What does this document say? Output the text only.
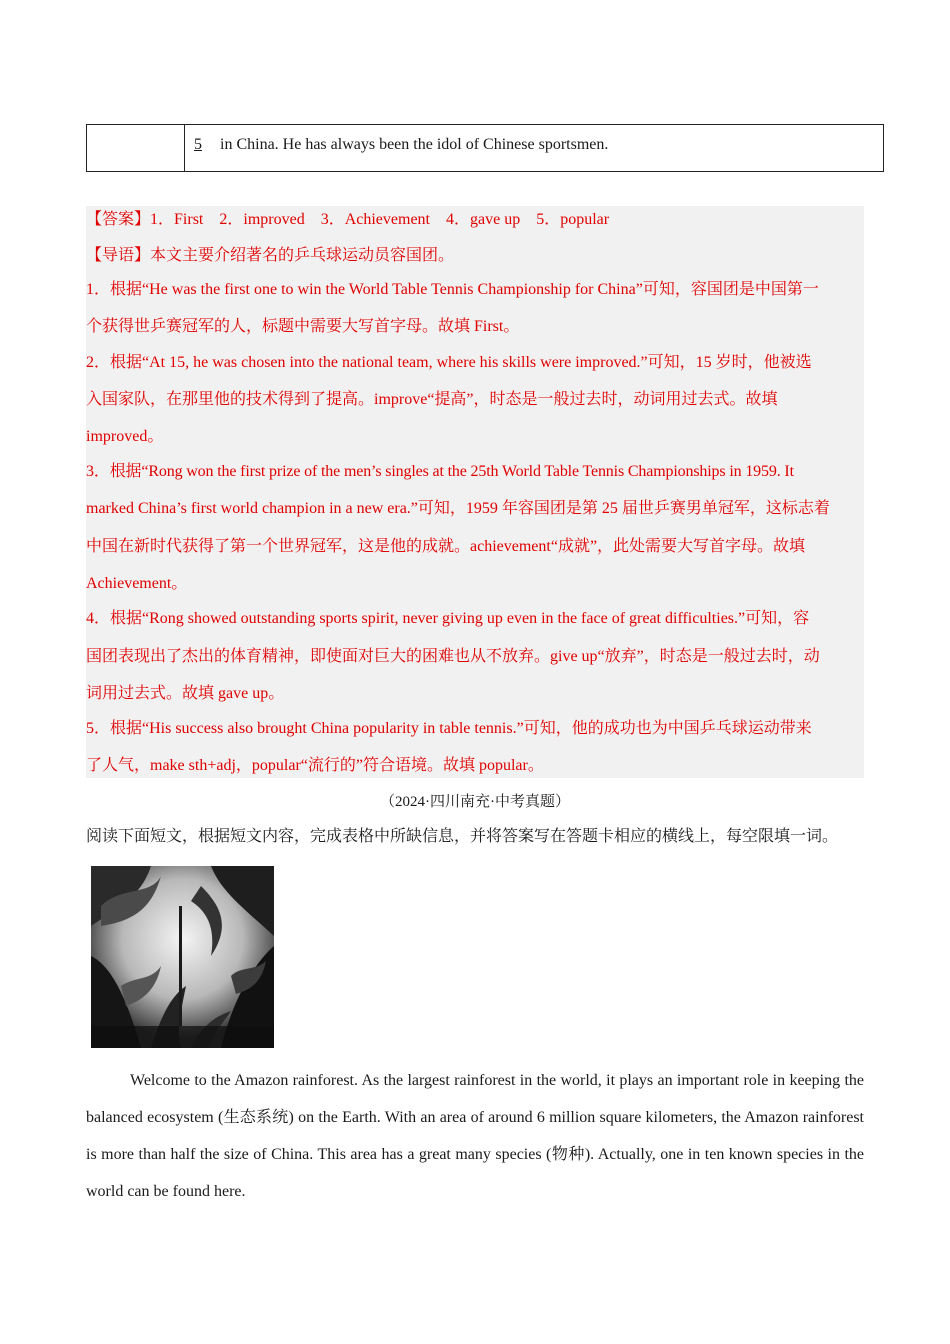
5 in China. He has always been the idol of Chinese sportsmen.
【答案】1．First 2．improved 3．Achievement 4．gave up 5．popular
【导语】本文主要介绍著名的乒乓球运动员容国团。
1．根据“He was the first one to win the World Table Tennis Championship for China”可知，容国团是中国第一
个获得世乒赛冠军的人，标题中需要大写首字母。故填 First。
2．根据“At 15, he was chosen into the national team, where his skills were improved.”可知，15 岁时，他被选
入国家队，在那里他的技术得到了提高。improve“提高”，时态是一般过去时，动词用过去式。故填
improved。
3．根据“Rong won the first prize of the men’s singles at the 25th World Table Tennis Championships in 1959. It
marked China’s first world champion in a new era.”可知，1959 年容国团是第 25 届世乒赛男单冠军，这标志着
中国在新时代获得了第一个世界冠军，这是他的成就。achievement“成就”，此处需要大写首字母。故填
Achievement。
4．根据“Rong showed outstanding sports spirit, never giving up even in the face of great difficulties.”可知，容
国团表现出了杰出的体育精神，即使面对巨大的困难也从不放弃。give up“放弃”，时态是一般过去时，动
词用过去式。故填 gave up。
5．根据“His success also brought China popularity in table tennis.”可知，他的成功也为中国乒乓球运动带来
了人气，make sth+adj，popular“流行的”符合语境。故填 popular。
（2024·四川南充·中考真题）
阅读下面短文，根据短文内容，完成表格中所缺信息，并将答案写在答题卡相应的横线上，每空限填一词。
Welcome to the Amazon rainforest. As the largest rainforest in the world, it plays an important role in keeping the balanced ecosystem (生态系统) on the Earth. With an area of around 6 million square kilometers, the Amazon rainforest is more than half the size of China. This area has a great many species (物种). Actually, one in ten known species in the world can be found here.
